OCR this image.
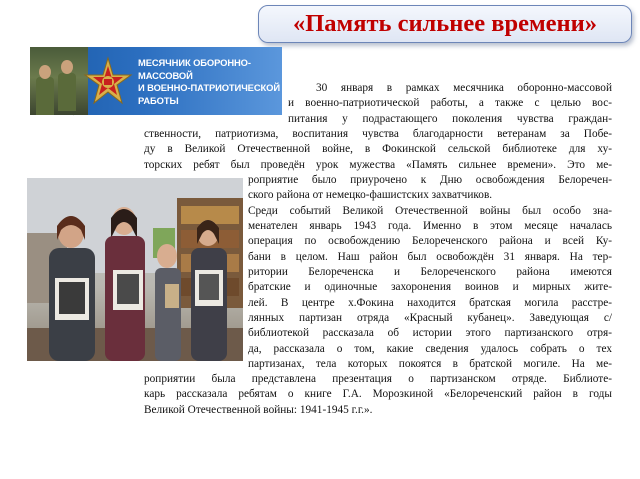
«Память сильнее времени»
МЕСЯЧНИК ОБОРОННО-МАССОВОЙ
И ВОЕННО-ПАТРИОТИЧЕСКОЙ
РАБОТЫ
30 января в рамках месячника оборонно-массовой
и военно-патриотической работы, а также с целью вос-
питания у подрастающего поколения чувства граждан-
ственности, патриотизма, воспитания чувства благодарности ветеранам за Побе-
ду в Великой Отечественной войне, в Фокинской сельской библиотеке для ху-
торских ребят был проведён урок мужества «Память сильнее времени». Это ме-
роприятие было приурочено к Дню освобождения Белоречен-
ского района от немецко-фашистских захватчиков.
Среди событий Великой Отечественной войны был особо зна-
менателен январь 1943 года. Именно в этом месяце началась
операция по освобождению Белореченского района и всей Ку-
бани в целом. Наш район был освобождён 31 января. На тер-
ритории Белореченска и Белореченского района имеются
братские и одиночные захоронения воинов и мирных жите-
лей. В центре х.Фокина находится братская могила расстре-
лянных партизан отряда «Красный кубанец». Заведующая с/
библиотекой рассказала об истории этого партизанского отря-
да, рассказала о том, какие сведения удалось собрать о тех
партизанах, тела которых покоятся в братской могиле. На ме-
роприятии была представлена презентация о партизанском отряде. Библиоте-
карь рассказала ребятам о книге Г.А. Морозкиной «Белореченский район в годы
Великой Отечественной войны: 1941-1945 г.г.».
